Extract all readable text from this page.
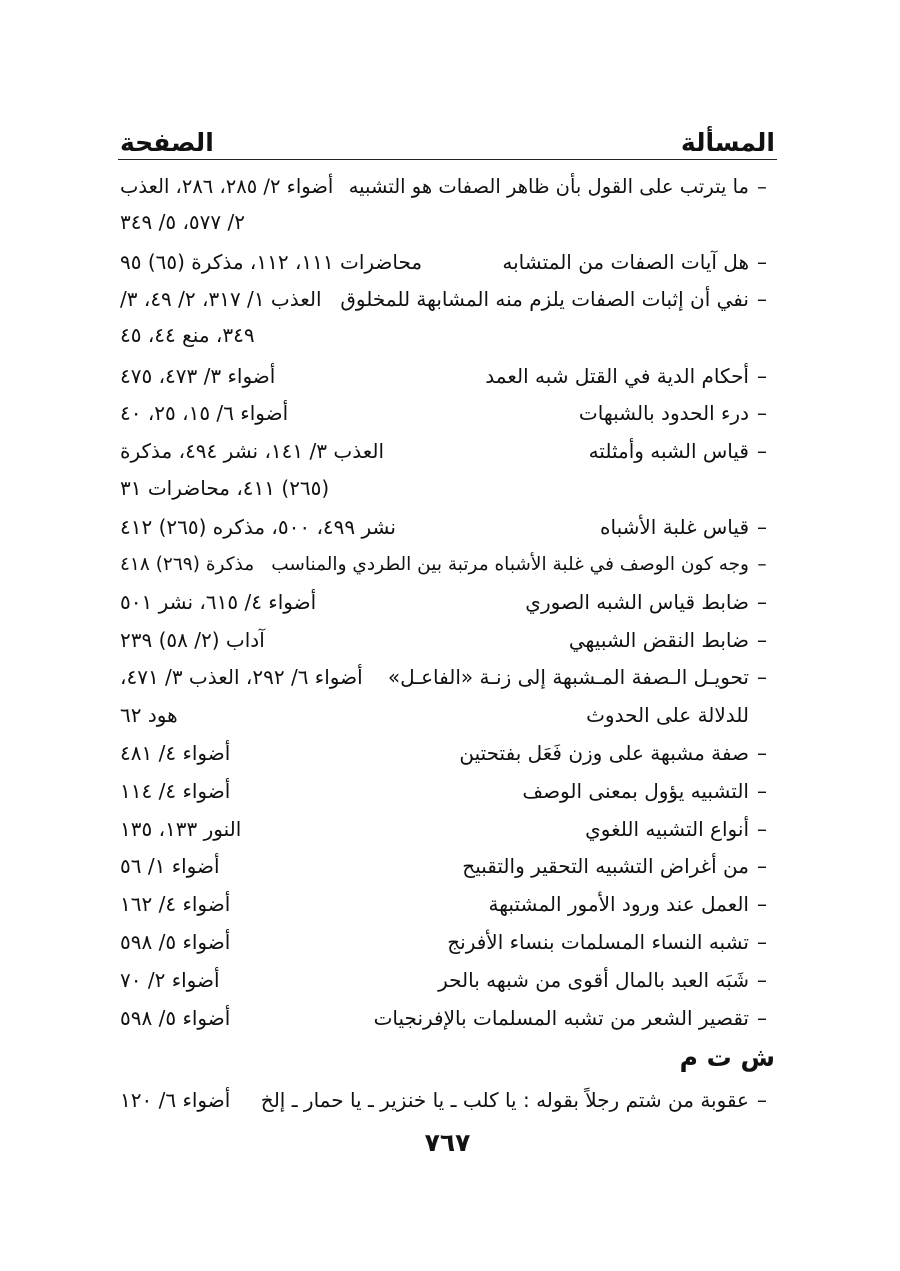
المسألة
الصفحة
–
ما يترتب على القول بأن ظاهر الصفات هو التشبيه
أضواء ٢/ ٢٨٥، ٢٨٦، العذب
٢/ ٥٧٧، ٥/ ٣٤٩
–
هل آيات الصفات من المتشابه
محاضرات ١١١، ١١٢، مذكرة (٦٥) ٩٥
–
نفي أن إثبات الصفات يلزم منه المشابهة للمخلوق
العذب ١/ ٣١٧، ٢/ ٤٩، ٣/
٣٤٩، منع ٤٤، ٤٥
–
أحكام الدية في القتل شبه العمد
أضواء ٣/ ٤٧٣، ٤٧٥
–
درء الحدود بالشبهات
أضواء ٦/ ١٥، ٢٥، ٤٠
–
قياس الشبه وأمثلته
العذب ٣/ ١٤١، نشر ٤٩٤، مذكرة
(٢٦٥) ٤١١، محاضرات ٣١
–
قياس غلبة الأشباه
نشر ٤٩٩، ٥٠٠، مذكره (٢٦٥) ٤١٢
–
وجه كون الوصف في غلبة الأشباه مرتبة بين الطردي والمناسب
مذكرة (٢٦٩) ٤١٨
–
ضابط قياس الشبه الصوري
أضواء ٤/ ٦١٥، نشر ٥٠١
–
ضابط النقض الشبيهي
آداب (٢/ ٥٨) ٢٣٩
–
تحويـل الـصفة المـشبهة إلى زنـة «الفاعـل»
أضواء ٦/ ٢٩٢، العذب ٣/ ٤٧١،
للدلالة على الحدوث
هود ٦٢
–
صفة مشبهة على وزن فَعَل بفتحتين
أضواء ٤/ ٤٨١
–
التشبيه يؤول بمعنى الوصف
أضواء ٤/ ١١٤
–
أنواع التشبيه اللغوي
النور ١٣٣، ١٣٥
–
من أغراض التشبيه التحقير والتقبيح
أضواء ١/ ٥٦
–
العمل عند ورود الأمور المشتبهة
أضواء ٤/ ١٦٢
–
تشبه النساء المسلمات بنساء الأفرنج
أضواء ٥/ ٥٩٨
–
شَبَه العبد بالمال أقوى من شبهه بالحر
أضواء ٢/ ٧٠
–
تقصير الشعر من تشبه المسلمات بالإفرنجيات
أضواء ٥/ ٥٩٨
ش ت م
–
عقوبة من شتم رجلاً بقوله : يا كلب ـ يا خنزير ـ يا حمار ـ إلخ
أضواء ٦/ ١٢٠
٧٦٧
